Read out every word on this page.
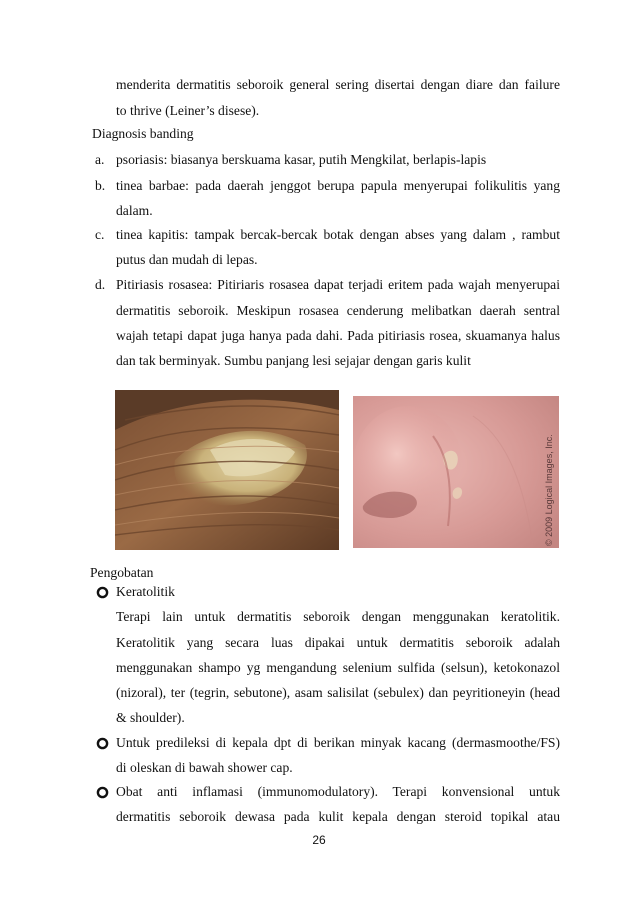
menderita dermatitis seboroik general sering disertai dengan diare dan failure
to thrive (Leiner’s disese).
Diagnosis banding
a. psoriasis: biasanya berskuama kasar, putih Mengkilat, berlapis-lapis
b. tinea barbae: pada daerah jenggot berupa papula menyerupai folikulitis yang
dalam.
c. tinea kapitis: tampak bercak-bercak botak dengan abses yang dalam , rambut
putus dan mudah di lepas.
d. Pitiriasis rosasea: Pitiriaris rosasea dapat terjadi eritem pada wajah menyerupai
dermatitis seboroik. Meskipun rosasea cenderung melibatkan daerah sentral
wajah tetapi dapat juga hanya pada dahi. Pada pitiriasis rosea, skuamanya halus
dan tak berminyak. Sumbu panjang lesi sejajar dengan garis kulit
© 2009 Logical Images, Inc.
Pengobatan
Keratolitik
Terapi lain untuk dermatitis seboroik dengan menggunakan keratolitik.
Keratolitik yang secara luas dipakai untuk dermatitis seboroik adalah
menggunakan shampo yg mengandung selenium sulfida (selsun), ketokonazol
(nizoral), ter (tegrin, sebutone), asam salisilat (sebulex) dan peyritioneyin (head
& shoulder).
Untuk predileksi di kepala dpt di berikan minyak kacang (dermasmoothe/FS)
di oleskan di bawah shower cap.
Obat anti inflamasi (immunomodulatory). Terapi konvensional untuk
dermatitis seboroik dewasa pada kulit kepala dengan steroid topikal atau
26
